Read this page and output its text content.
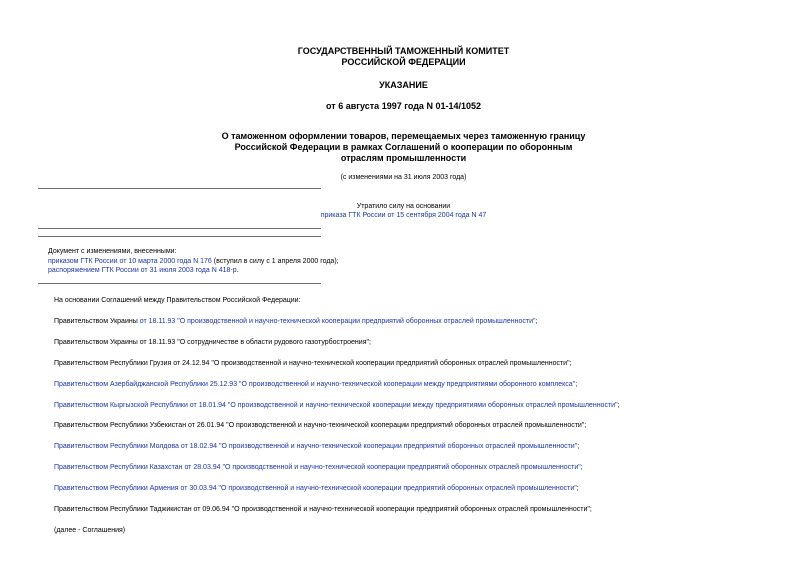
ГОСУДАРСТВЕННЫЙ ТАМОЖЕННЫЙ КОМИТЕТ
РОССИЙСКОЙ ФЕДЕРАЦИИ
УКАЗАНИЕ
от 6 августа 1997 года N 01-14/1052
О таможенном оформлении товаров, перемещаемых через таможенную границу
Российской Федерации в рамках Соглашений о кооперации по оборонным
отраслям промышленности
(с изменениями на 31 июля 2003 года)
Утратило силу на основании
приказа ГТК России от 15 сентября 2004 года N 47
Документ с изменениями, внесенными:
приказом ГТК России от 10 марта 2000 года N 176 (вступил в силу с 1 апреля 2000 года);
распоряжением ГТК России от 31 июля 2003 года N 418-р.
На основании Соглашений между Правительством Российской Федерации:
Правительством Украины от 18.11.93 "О производственной и научно-технической кооперации предприятий оборонных отраслей промышленности";
Правительством Украины от 18.11.93 "О сотрудничестве в области рудового газотурбостроения";
Правительством Республики Грузия от 24.12.94 "О производственной и научно-технической кооперации предприятий оборонных отраслей промышленности";
Правительством Азербайджанской Республики 25.12.93 "О производственной и научно-технической кооперации между предприятиями оборонного комплекса";
Правительством Кыргызской Республики от 18.01.94 "О производственной и научно-технической кооперации между предприятиями оборонных отраслей промышленности";
Правительством Республики Узбекистан от 26.01.94 "О производственной и научно-технической кооперации предприятий оборонных отраслей промышленности";
Правительством Республики Молдова от 18.02.94 "О производственной и научно-технической кооперации предприятий оборонных отраслей промышленности";
Правительством Республики Казахстан от 28.03.94 "О производственной и научно-технической кооперации предприятий оборонных отраслей промышленности";
Правительством Республики Армения от 30.03.94 "О производственной и научно-технической кооперации предприятий оборонных отраслей промышленности";
Правительством Республики Таджикистан от 09.06.94 "О производственной и научно-технической кооперации предприятий оборонных отраслей промышленности";
(далее - Соглашения)
